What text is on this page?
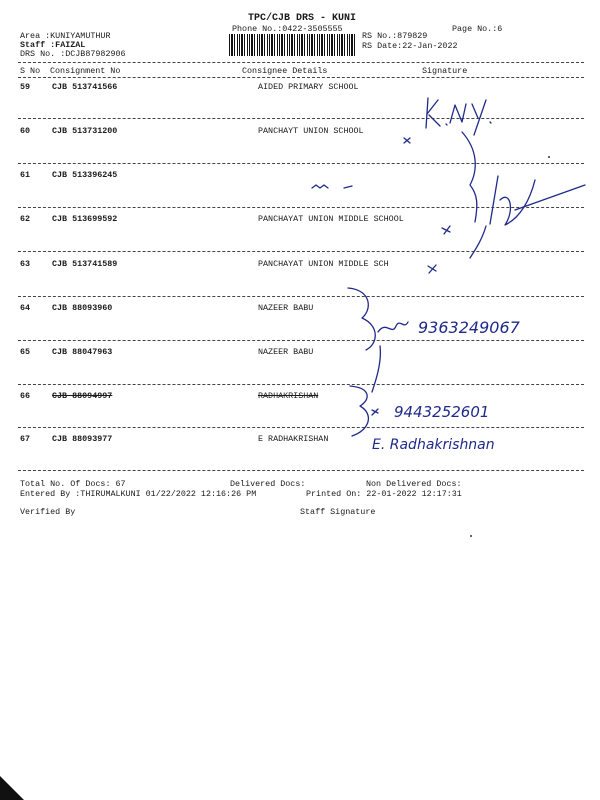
TPC/CJB DRS - KUNI
Phone No.:0422-3505555	Page No.:6
Area :KUNIYAMUTHUR
Staff :FAIZAL
DRS No. :DCJB87982906
RS No.:879829
RS Date:22-Jan-2022
S No Consignment No	Consignee Details	Signature
59	CJB 513741566	AIDED PRIMARY SCHOOL
60	CJB 513731200	PANCHAYT UNION SCHOOL
61	CJB 513396245
62	CJB 513699592	PANCHAYAT UNION MIDDLE SCHOOL
63	CJB 513741589	PANCHAYAT UNION MIDDLE SCH
64	CJB 88093960	NAZEER BABU
65	CJB 88047963	NAZEER BABU
66	CJB 88094997	RADHAKRISHAN
67	CJB 88093977	E RADHAKRISHAN
Total No. Of Docs: 67	Delivered Docs:	Non Delivered Docs:
Entered By :THIRUMALKUNI 01/22/2022 12:16:26 PM	Printed On: 22-01-2022 12:17:31
Verified By	Staff Signature
9363249067
9443252601
E. Radhakrishnan
